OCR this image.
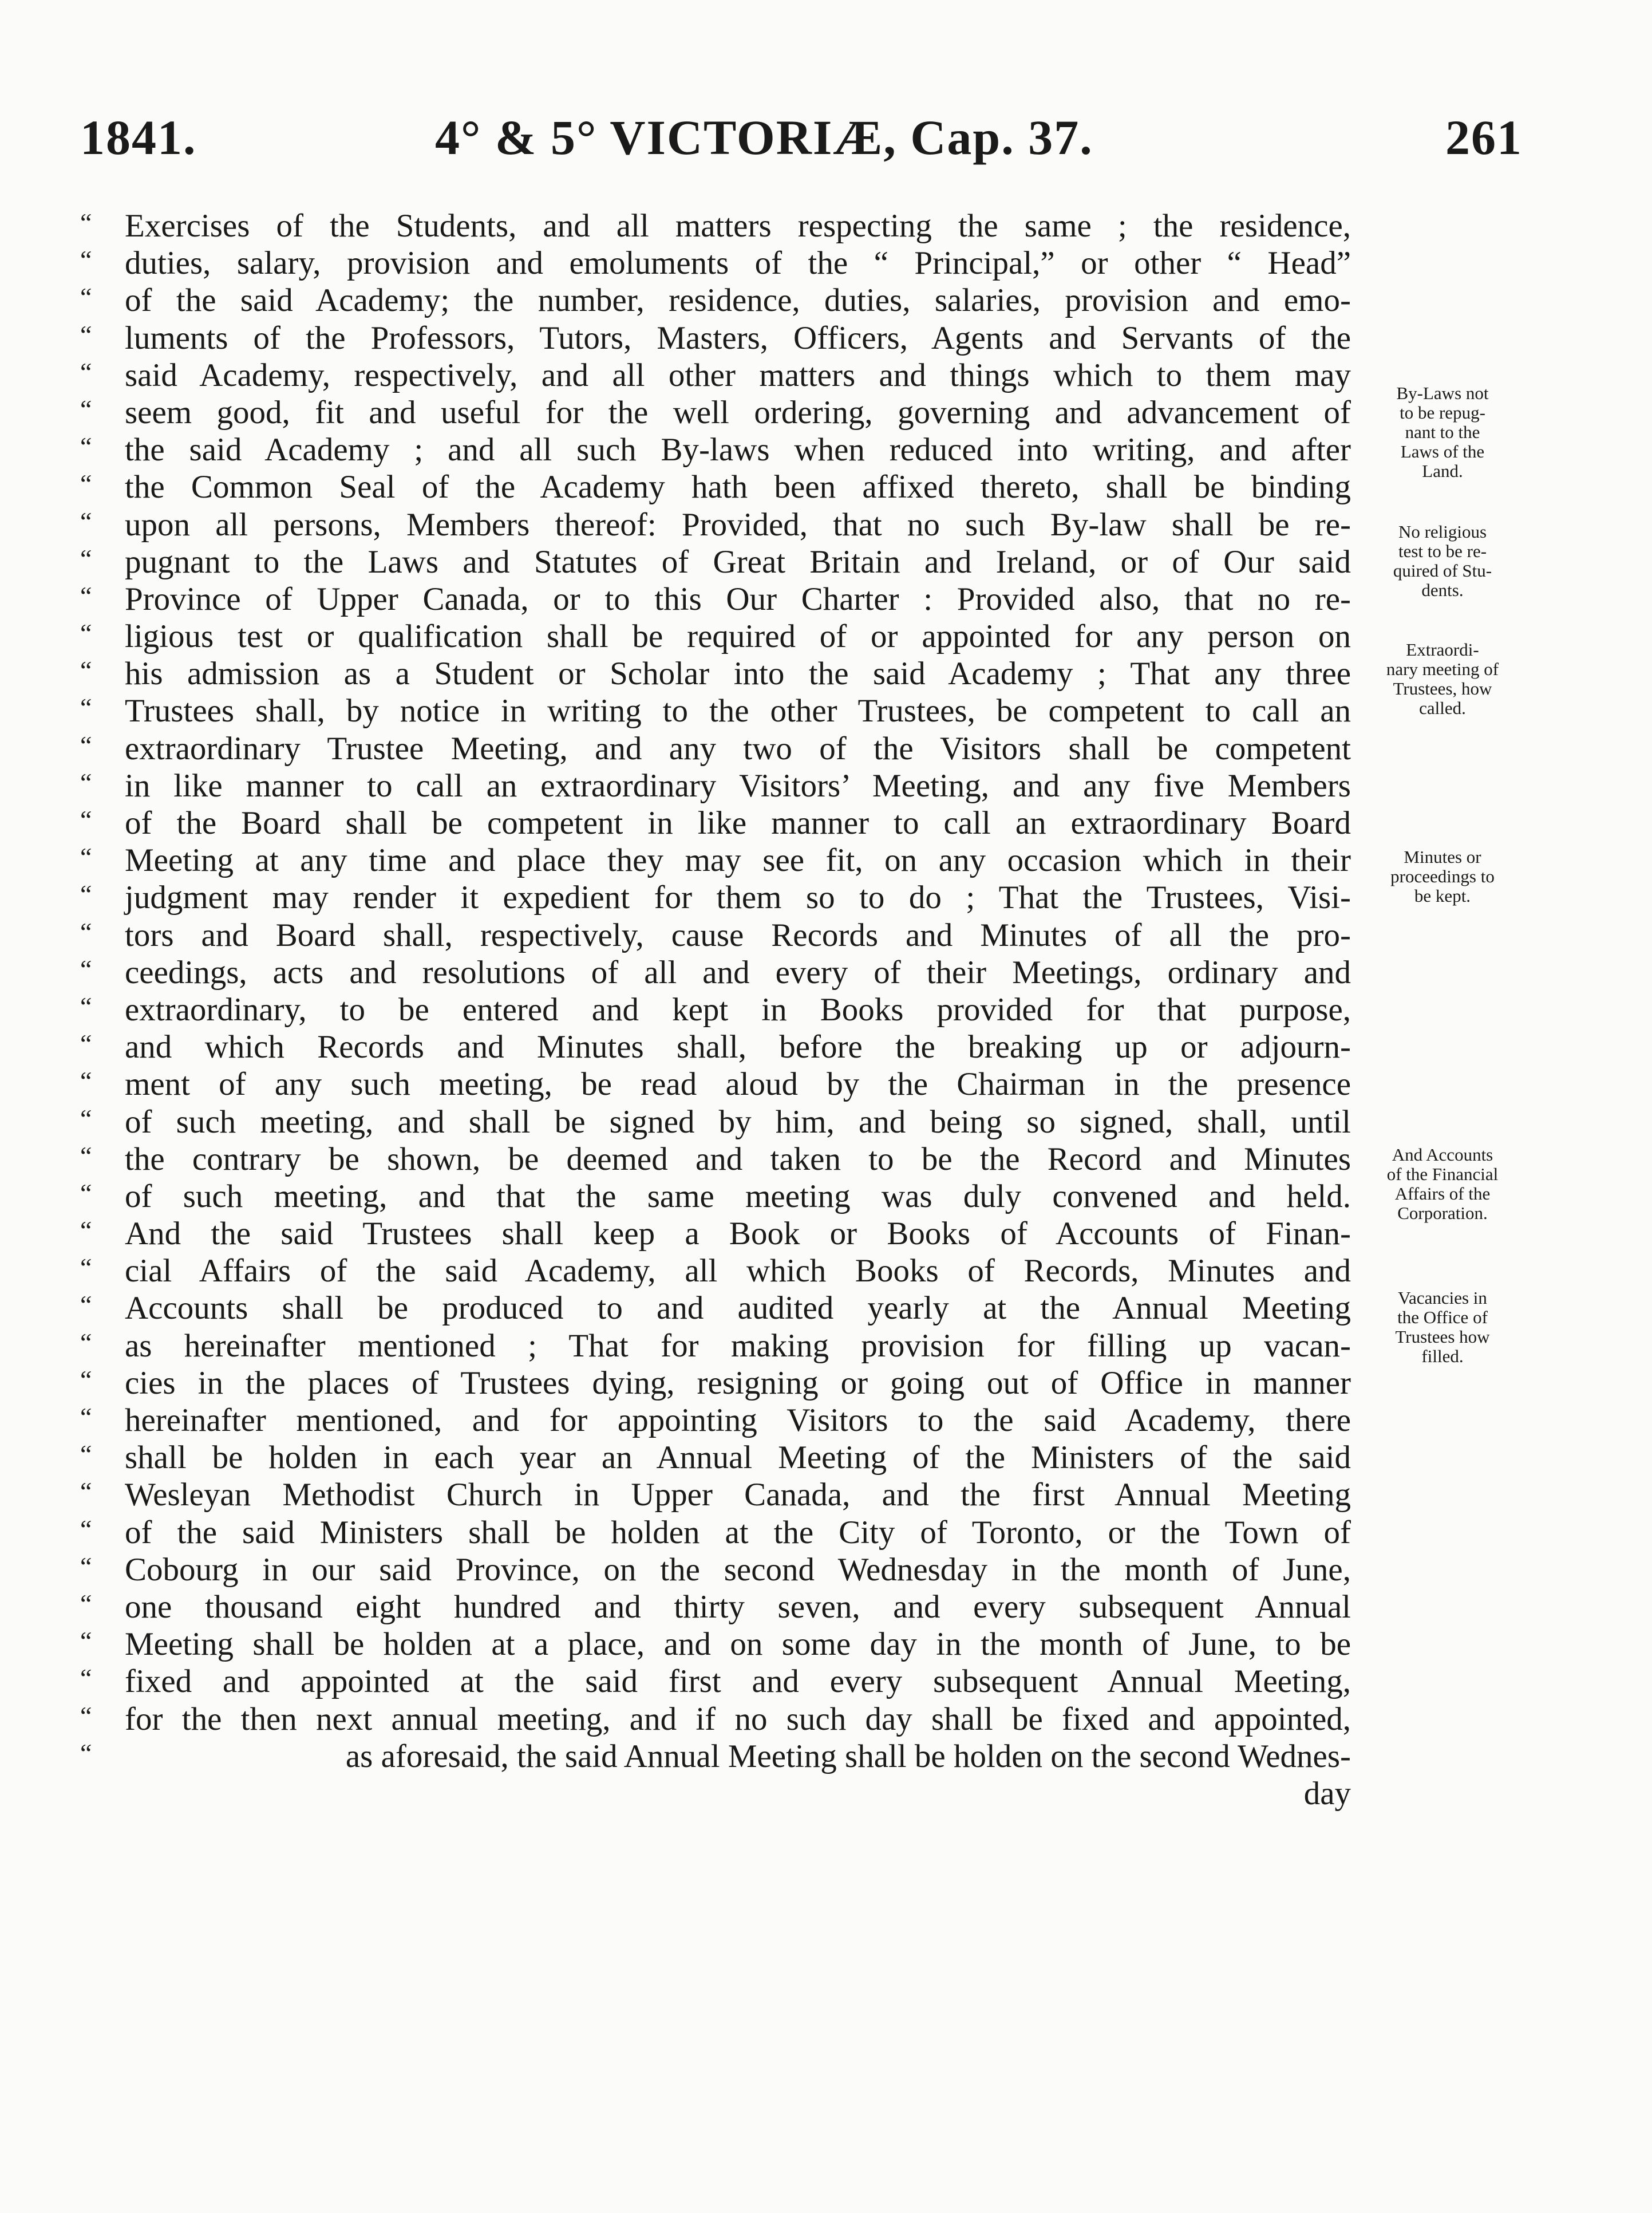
1841.	4° & 5° VICTORIÆ, Cap. 37.	261
“	Exercises of the Students, and all matters respecting the same ; the residence,
“	duties, salary, provision and emoluments of the “ Principal,” or other “ Head”
“	of the said Academy; the number, residence, duties, salaries, provision and emo-
“	luments of the Professors, Tutors, Masters, Officers, Agents and Servants of the
“	said Academy, respectively, and all other matters and things which to them may
“	seem good, fit and useful for the well ordering, governing and advancement of
“	the said Academy ; and all such By-laws when reduced into writing, and after
“	the Common Seal of the Academy hath been affixed thereto, shall be binding
“	upon all persons, Members thereof: Provided, that no such By-law shall be re-
“	pugnant to the Laws and Statutes of Great Britain and Ireland, or of Our said
“	Province of Upper Canada, or to this Our Charter : Provided also, that no re-
“	ligious test or qualification shall be required of or appointed for any person on
“	his admission as a Student or Scholar into the said Academy ; That any three
“	Trustees shall, by notice in writing to the other Trustees, be competent to call an
“	extraordinary Trustee Meeting, and any two of the Visitors shall be competent
“	in like manner to call an extraordinary Visitors’ Meeting, and any five Members
“	of the Board shall be competent in like manner to call an extraordinary Board
“	Meeting at any time and place they may see fit, on any occasion which in their
“	judgment may render it expedient for them so to do ; That the Trustees, Visi-
“	tors and Board shall, respectively, cause Records and Minutes of all the pro-
“	ceedings, acts and resolutions of all and every of their Meetings, ordinary and
“	extraordinary, to be entered and kept in Books provided for that purpose,
“	and which Records and Minutes shall, before the breaking up or adjourn-
“	ment of any such meeting, be read aloud by the Chairman in the presence
“	of such meeting, and shall be signed by him, and being so signed, shall, until
“	the contrary be shown, be deemed and taken to be the Record and Minutes
“	of such meeting, and that the same meeting was duly convened and held.
“	And the said Trustees shall keep a Book or Books of Accounts of Finan-
“	cial Affairs of the said Academy, all which Books of Records, Minutes and
“	Accounts shall be produced to and audited yearly at the Annual Meeting
“	as hereinafter mentioned ; That for making provision for filling up vacan-
“	cies in the places of Trustees dying, resigning or going out of Office in manner
“	hereinafter mentioned, and for appointing Visitors to the said Academy, there
“	shall be holden in each year an Annual Meeting of the Ministers of the said
“	Wesleyan Methodist Church in Upper Canada, and the first Annual Meeting
“	of the said Ministers shall be holden at the City of Toronto, or the Town of
“	Cobourg in our said Province, on the second Wednesday in the month of June,
“	one thousand eight hundred and thirty seven, and every subsequent Annual
“	Meeting shall be holden at a place, and on some day in the month of June, to be
“	fixed and appointed at the said first and every subsequent Annual Meeting,
“	for the then next annual meeting, and if no such day shall be fixed and appointed,
“	as aforesaid, the said Annual Meeting shall be holden on the second Wednes-
By-Laws not
to be repug-
nant to the
Laws of the
Land.
No religious
test to be re-
quired of Stu-
dents.
Extraordi-
nary meeting of
Trustees, how
called.
Minutes or
proceedings to
be kept.
And Accounts
of the Financial
Affairs of the
Corporation.
Vacancies in
the Office of
Trustees how
filled.
day
